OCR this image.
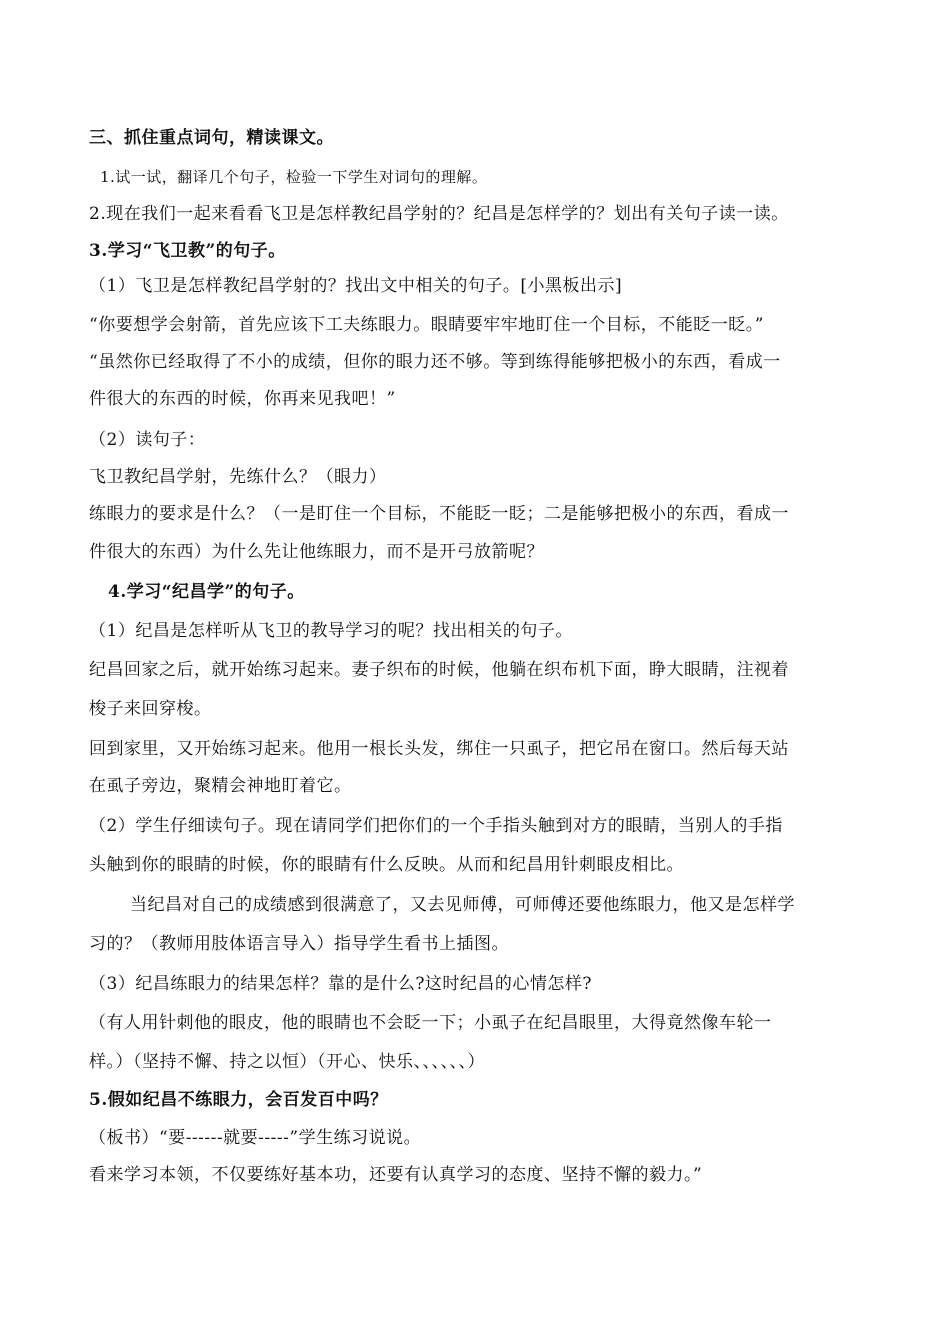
三、抓住重点词句，精读课文。
1.试一试，翻译几个句子，检验一下学生对词句的理解。
2.现在我们一起来看看飞卫是怎样教纪昌学射的？纪昌是怎样学的？划出有关句子读一读。
3.学习“飞卫教”的句子。
（1）飞卫是怎样教纪昌学射的？找出文中相关的句子。[小黑板出示]
“你要想学会射箭，首先应该下工夫练眼力。眼睛要牢牢地盯住一个目标，不能眨一眨。”
“虽然你已经取得了不小的成绩，但你的眼力还不够。等到练得能够把极小的东西，看成一
件很大的东西的时候，你再来见我吧！”
（2）读句子：
飞卫教纪昌学射，先练什么？（眼力）
练眼力的要求是什么？（一是盯住一个目标，不能眨一眨；二是能够把极小的东西，看成一
件很大的东西）为什么先让他练眼力，而不是开弓放箭呢？
4.学习“纪昌学”的句子。
（1）纪昌是怎样听从飞卫的教导学习的呢？找出相关的句子。
纪昌回家之后，就开始练习起来。妻子织布的时候，他躺在织布机下面，睁大眼睛，注视着
梭子来回穿梭。
回到家里，又开始练习起来。他用一根长头发，绑住一只虱子，把它吊在窗口。然后每天站
在虱子旁边，聚精会神地盯着它。
（2）学生仔细读句子。现在请同学们把你们的一个手指头触到对方的眼睛，当别人的手指
头触到你的眼睛的时候，你的眼睛有什么反映。从而和纪昌用针刺眼皮相比。
当纪昌对自己的成绩感到很满意了，又去见师傅，可师傅还要他练眼力，他又是怎样学
习的？（教师用肢体语言导入）指导学生看书上插图。
（3）纪昌练眼力的结果怎样？靠的是什么?这时纪昌的心情怎样?
（有人用针刺他的眼皮，他的眼睛也不会眨一下；小虱子在纪昌眼里，大得竟然像车轮一
样。）（坚持不懈、持之以恒）（开心、快乐、、、、、、）
5.假如纪昌不练眼力，会百发百中吗？
（板书）“要------就要-----”学生练习说说。
看来学习本领，不仅要练好基本功，还要有认真学习的态度、坚持不懈的毅力。”
